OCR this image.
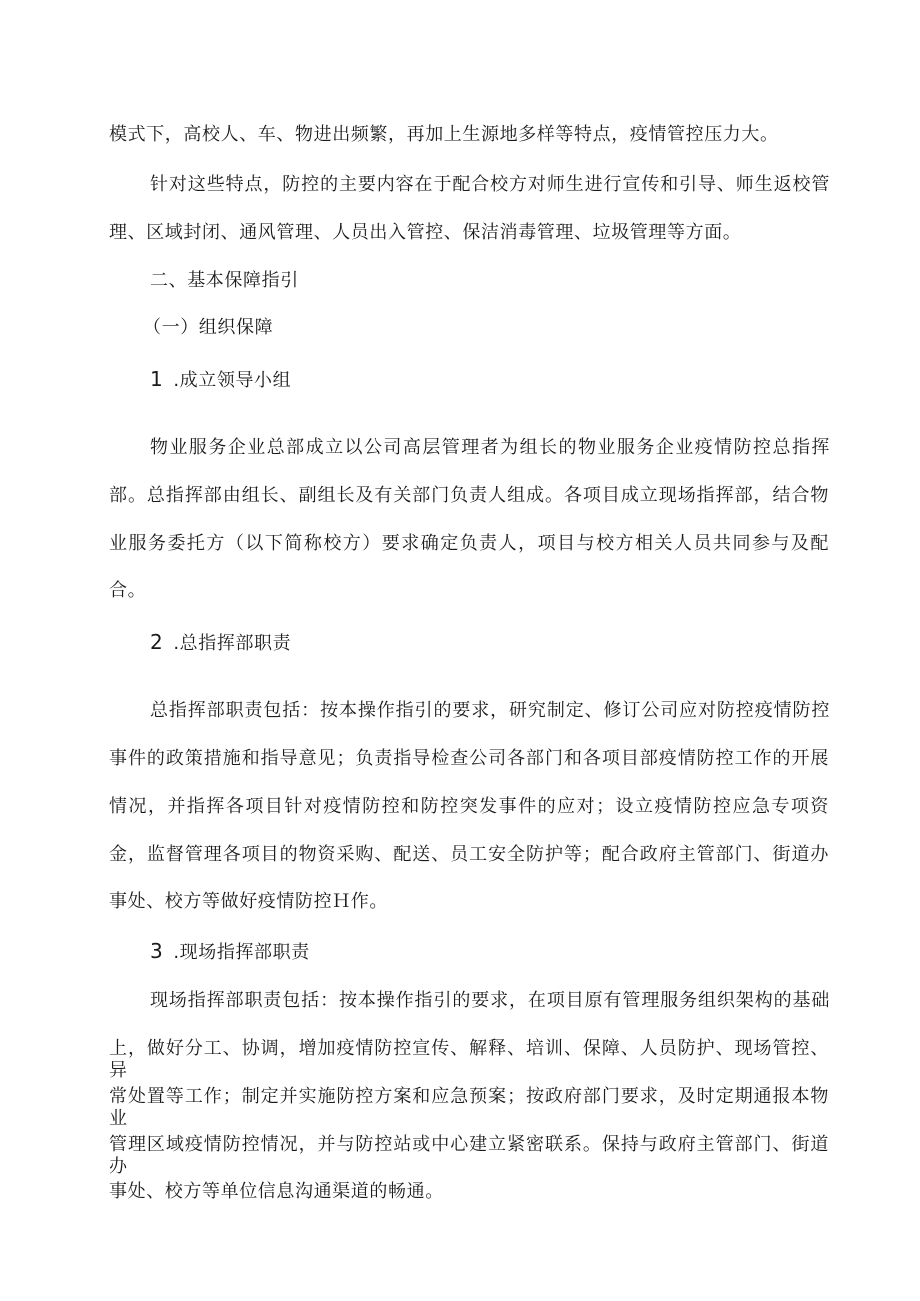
模式下，高校人、车、物进出频繁，再加上生源地多样等特点，疫情管控压力大。
针对这些特点，防控的主要内容在于配合校方对师生进行宣传和引导、师生返校管
理、区域封闭、通风管理、人员出入管控、保洁消毒管理、垃圾管理等方面。
二、基本保障指引
（一）组织保障
1 .成立领导小组
物业服务企业总部成立以公司高层管理者为组长的物业服务企业疫情防控总指挥
部。总指挥部由组长、副组长及有关部门负责人组成。各项目成立现场指挥部，结合物
业服务委托方（以下简称校方）要求确定负责人，项目与校方相关人员共同参与及配
合。
2 .总指挥部职责
总指挥部职责包括：按本操作指引的要求，研究制定、修订公司应对防控疫情防控
事件的政策措施和指导意见；负责指导检查公司各部门和各项目部疫情防控工作的开展
情况，并指挥各项目针对疫情防控和防控突发事件的应对；设立疫情防控应急专项资
金，监督管理各项目的物资采购、配送、员工安全防护等；配合政府主管部门、街道办
事处、校方等做好疫情防控Ｈ作。
3 .现场指挥部职责
现场指挥部职责包括：按本操作指引的要求，在项目原有管理服务组织架构的基础
上，做好分工、协调，增加疫情防控宣传、解释、培训、保障、人员防护、现场管控、异
常处置等工作；制定并实施防控方案和应急预案；按政府部门要求，及时定期通报本物业
管理区域疫情防控情况，并与防控站或中心建立紧密联系。保持与政府主管部门、街道办
事处、校方等单位信息沟通渠道的畅通。
